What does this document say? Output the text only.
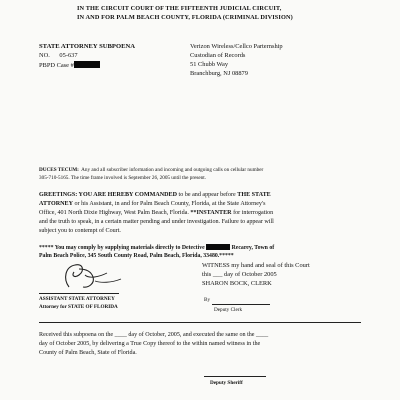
IN THE CIRCUIT COURT OF THE FIFTEENTH JUDICIAL CIRCUIT,
IN AND FOR PALM BEACH COUNTY, FLORIDA (CRIMINAL DIVISION)
STATE ATTORNEY SUBPOENA
NO. 05-637
PBPD Case #
Verizon Wireless/Cellco Parternship
Custodian of Records
51 Chubb Way
Branchburg, NJ 08879
DUCES TECUM: Any and all subscriber information and incoming and outgoing calls on cellular number
305-710-5165. The time frame involved is September 26, 2005 until the present.
GREETINGS: YOU ARE HEREBY COMMANDED to be and appear before THE STATE
ATTORNEY or his Assistant, in and for Palm Beach County, Florida, at the State Attorney's
Office, 401 North Dixie Highway, West Palm Beach, Florida. **INSTANTER for interrogation
and the truth to speak, in a certain matter pending and under investigation. Failure to appear will
subject you to contempt of Court.
***** You may comply by supplying materials directly to Detective	Recarey, Town of
Palm Beach Police, 345 South County Road, Palm Beach, Florida, 33480.*****
WITNESS my hand and seal of this Court
this ___ day of October 2005
SHARON BOCK, CLERK
By
Deputy Clerk
ASSISTANT STATE ATTORNEY
Attorney for STATE OF FLORIDA
Received this subpoena on the ____ day of October, 2005, and executed the same on the ____
day of October 2005, by delivering a True Copy thereof to the within named witness in the
County of Palm Beach, State of Florida.
Deputy Sheriff
